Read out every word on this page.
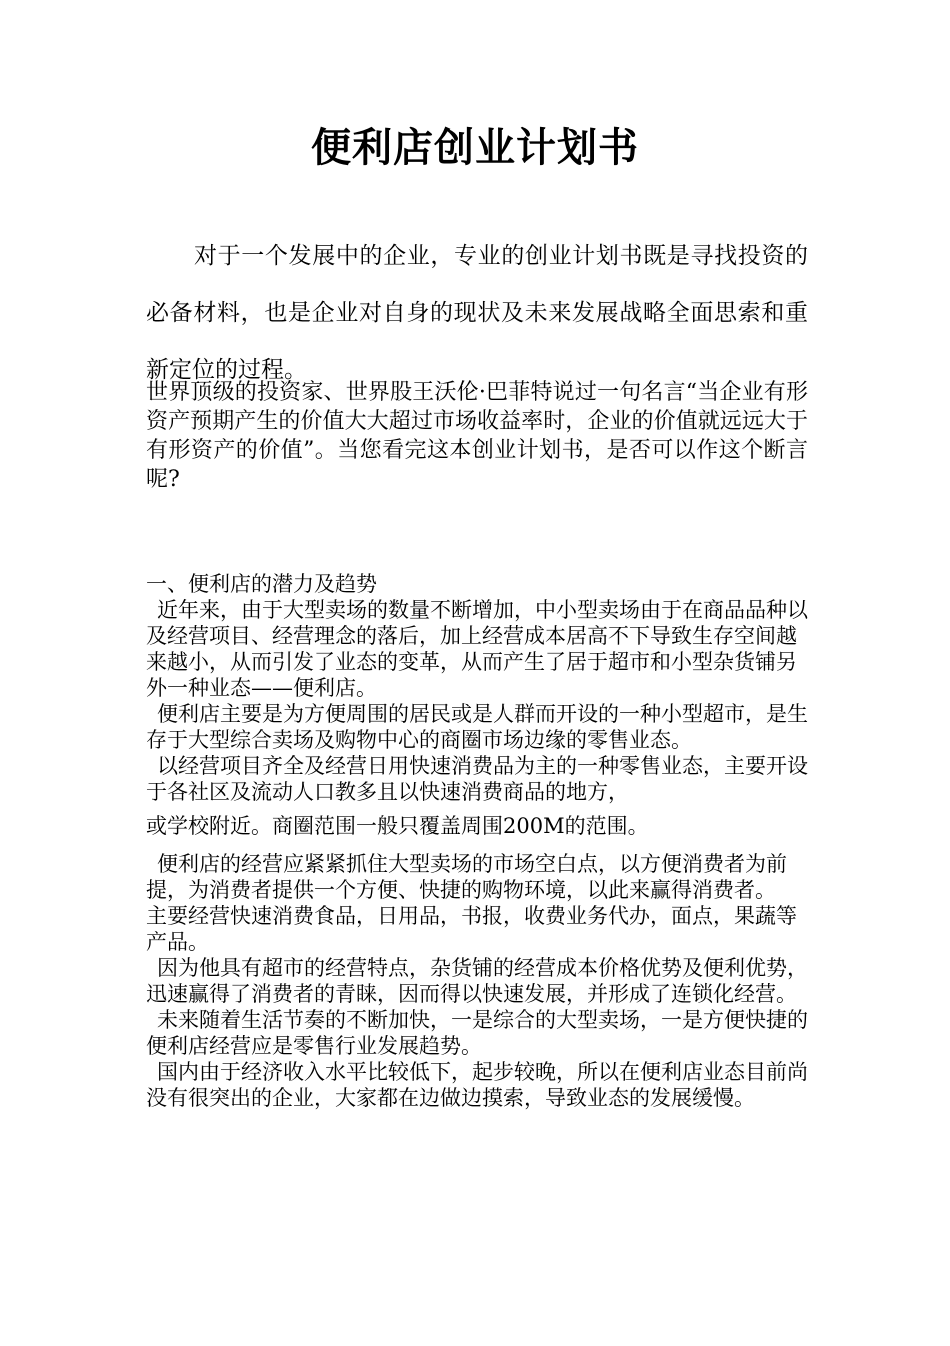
便利店创业计划书

对于一个发展中的企业，专业的创业计划书既是寻找投资的必备材料，也是企业对自身的现状及未来发展战略全面思索和重新定位的过程。

世界顶级的投资家、世界股王沃伦·巴菲特说过一句名言“当企业有形资产预期产生的价值大大超过市场收益率时，企业的价值就远远大于有形资产的价值”。当您看完这本创业计划书，是否可以作这个断言呢?

一、便利店的潜力及趋势

近年来，由于大型卖场的数量不断增加，中小型卖场由于在商品品种以及经营项目、经营理念的落后，加上经营成本居高不下导致生存空间越来越小，从而引发了业态的变革，从而产生了居于超市和小型杂货铺另外一种业态——便利店。
便利店主要是为方便周围的居民或是人群而开设的一种小型超市，是生存于大型综合卖场及购物中心的商圈市场边缘的零售业态。
以经营项目齐全及经营日用快速消费品为主的一种零售业态，主要开设于各社区及流动人口教多且以快速消费商品的地方，
或学校附近。商圈范围一般只覆盖周围200M的范围。
便利店的经营应紧紧抓住大型卖场的市场空白点，以方便消费者为前提，为消费者提供一个方便、快捷的购物环境，以此来赢得消费者。
主要经营快速消费食品，日用品，书报，收费业务代办，面点，果蔬等产品。
因为他具有超市的经营特点，杂货铺的经营成本价格优势及便利优势，迅速赢得了消费者的青睐，因而得以快速发展，并形成了连锁化经营。
未来随着生活节奏的不断加快，一是综合的大型卖场，一是方便快捷的便利店经营应是零售行业发展趋势。
国内由于经济收入水平比较低下，起步较晚，所以在便利店业态目前尚没有很突出的企业，大家都在边做边摸索，导致业态的发展缓慢。
